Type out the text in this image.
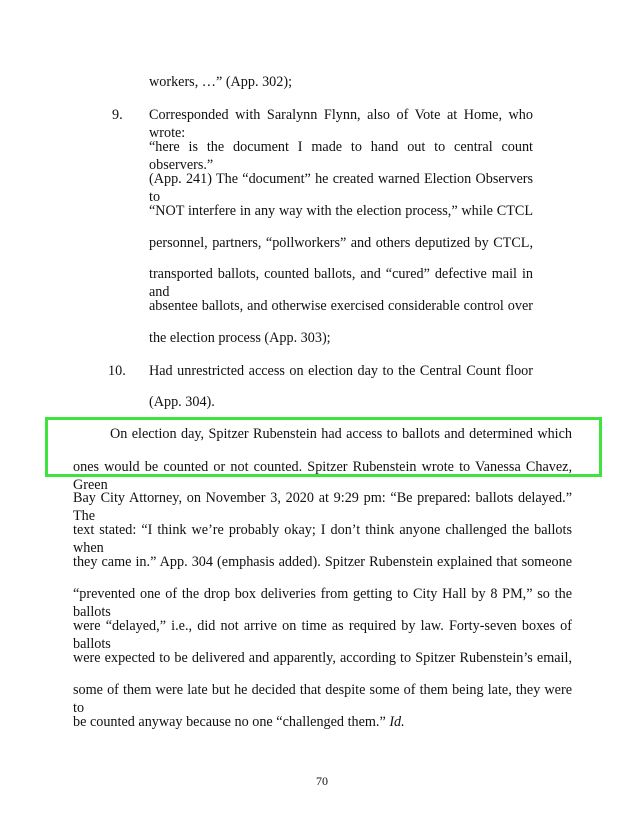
workers, …” (App. 302);
9. Corresponded with Saralynn Flynn, also of Vote at Home, who wrote:
“here is the document I made to hand out to central count observers.”
(App. 241) The “document” he created warned Election Observers to
“NOT interfere in any way with the election process,” while CTCL
personnel, partners, “pollworkers” and others deputized by CTCL,
transported ballots, counted ballots, and “cured” defective mail in and
absentee ballots, and otherwise exercised considerable control over
the election process (App. 303);
10. Had unrestricted access on election day to the Central Count floor
(App. 304).
On election day, Spitzer Rubenstein had access to ballots and determined which
ones would be counted or not counted. Spitzer Rubenstein wrote to Vanessa Chavez, Green
Bay City Attorney, on November 3, 2020 at 9:29 pm: “Be prepared: ballots delayed.” The
text stated: “I think we’re probably okay; I don’t think anyone challenged the ballots when
they came in.” App. 304 (emphasis added). Spitzer Rubenstein explained that someone
“prevented one of the drop box deliveries from getting to City Hall by 8 PM,” so the ballots
were “delayed,” i.e., did not arrive on time as required by law. Forty-seven boxes of ballots
were expected to be delivered and apparently, according to Spitzer Rubenstein’s email,
some of them were late but he decided that despite some of them being late, they were to
be counted anyway because no one “challenged them.” Id.
70
